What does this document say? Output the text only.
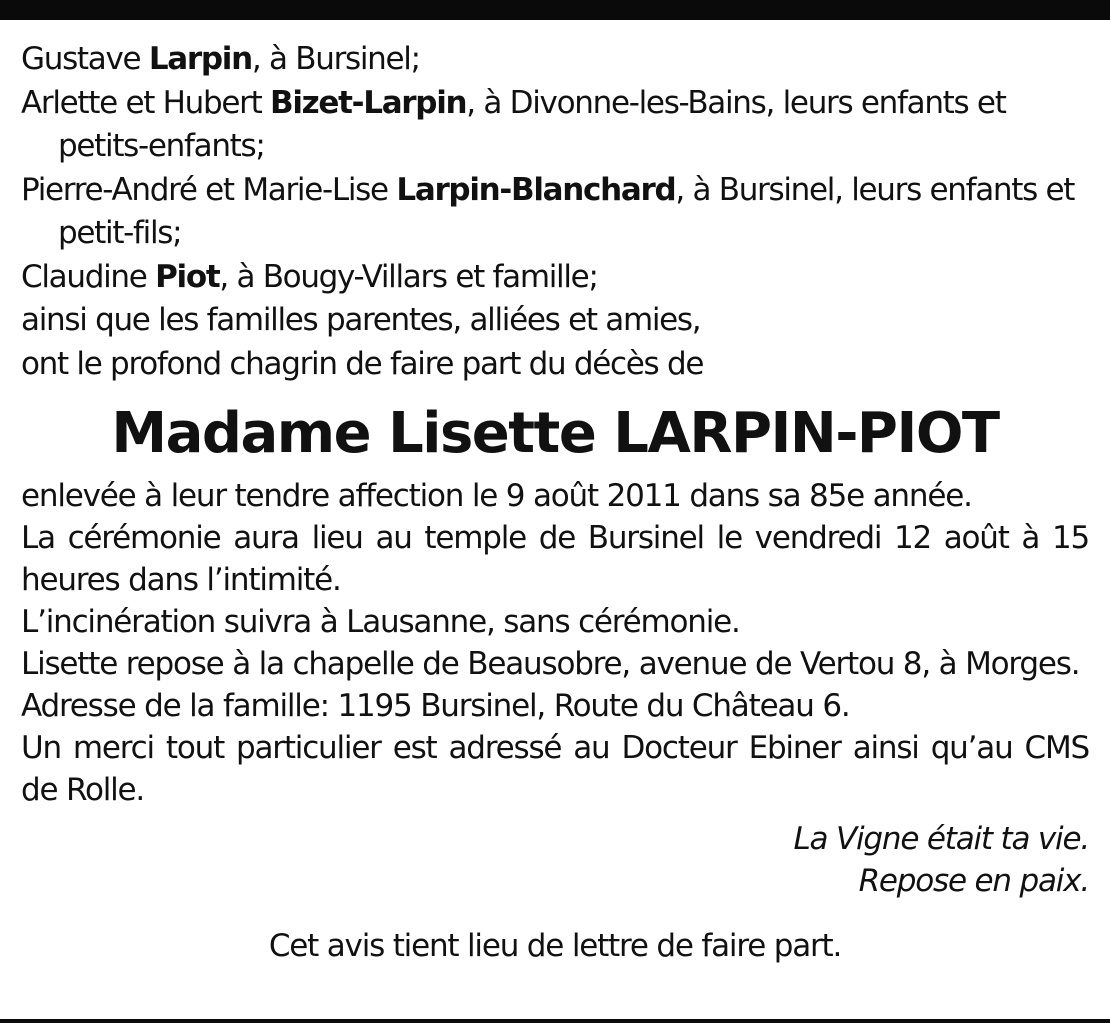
Gustave Larpin, à Bursinel;
Arlette et Hubert Bizet-Larpin, à Divonne-les-Bains, leurs enfants et petits-enfants;
Pierre-André et Marie-Lise Larpin-Blanchard, à Bursinel, leurs enfants et petit-fils;
Claudine Piot, à Bougy-Villars et famille;
ainsi que les familles parentes, alliées et amies,
ont le profond chagrin de faire part du décès de
Madame Lisette LARPIN-PIOT
enlevée à leur tendre affection le 9 août 2011 dans sa 85e année.
La cérémonie aura lieu au temple de Bursinel le vendredi 12 août à 15 heures dans l’intimité.
L’incinération suivra à Lausanne, sans cérémonie.
Lisette repose à la chapelle de Beausobre, avenue de Vertou 8, à Morges.
Adresse de la famille: 1195 Bursinel, Route du Château 6.
Un merci tout particulier est adressé au Docteur Ebiner ainsi qu’au CMS de Rolle.
La Vigne était ta vie.
Repose en paix.
Cet avis tient lieu de lettre de faire part.
